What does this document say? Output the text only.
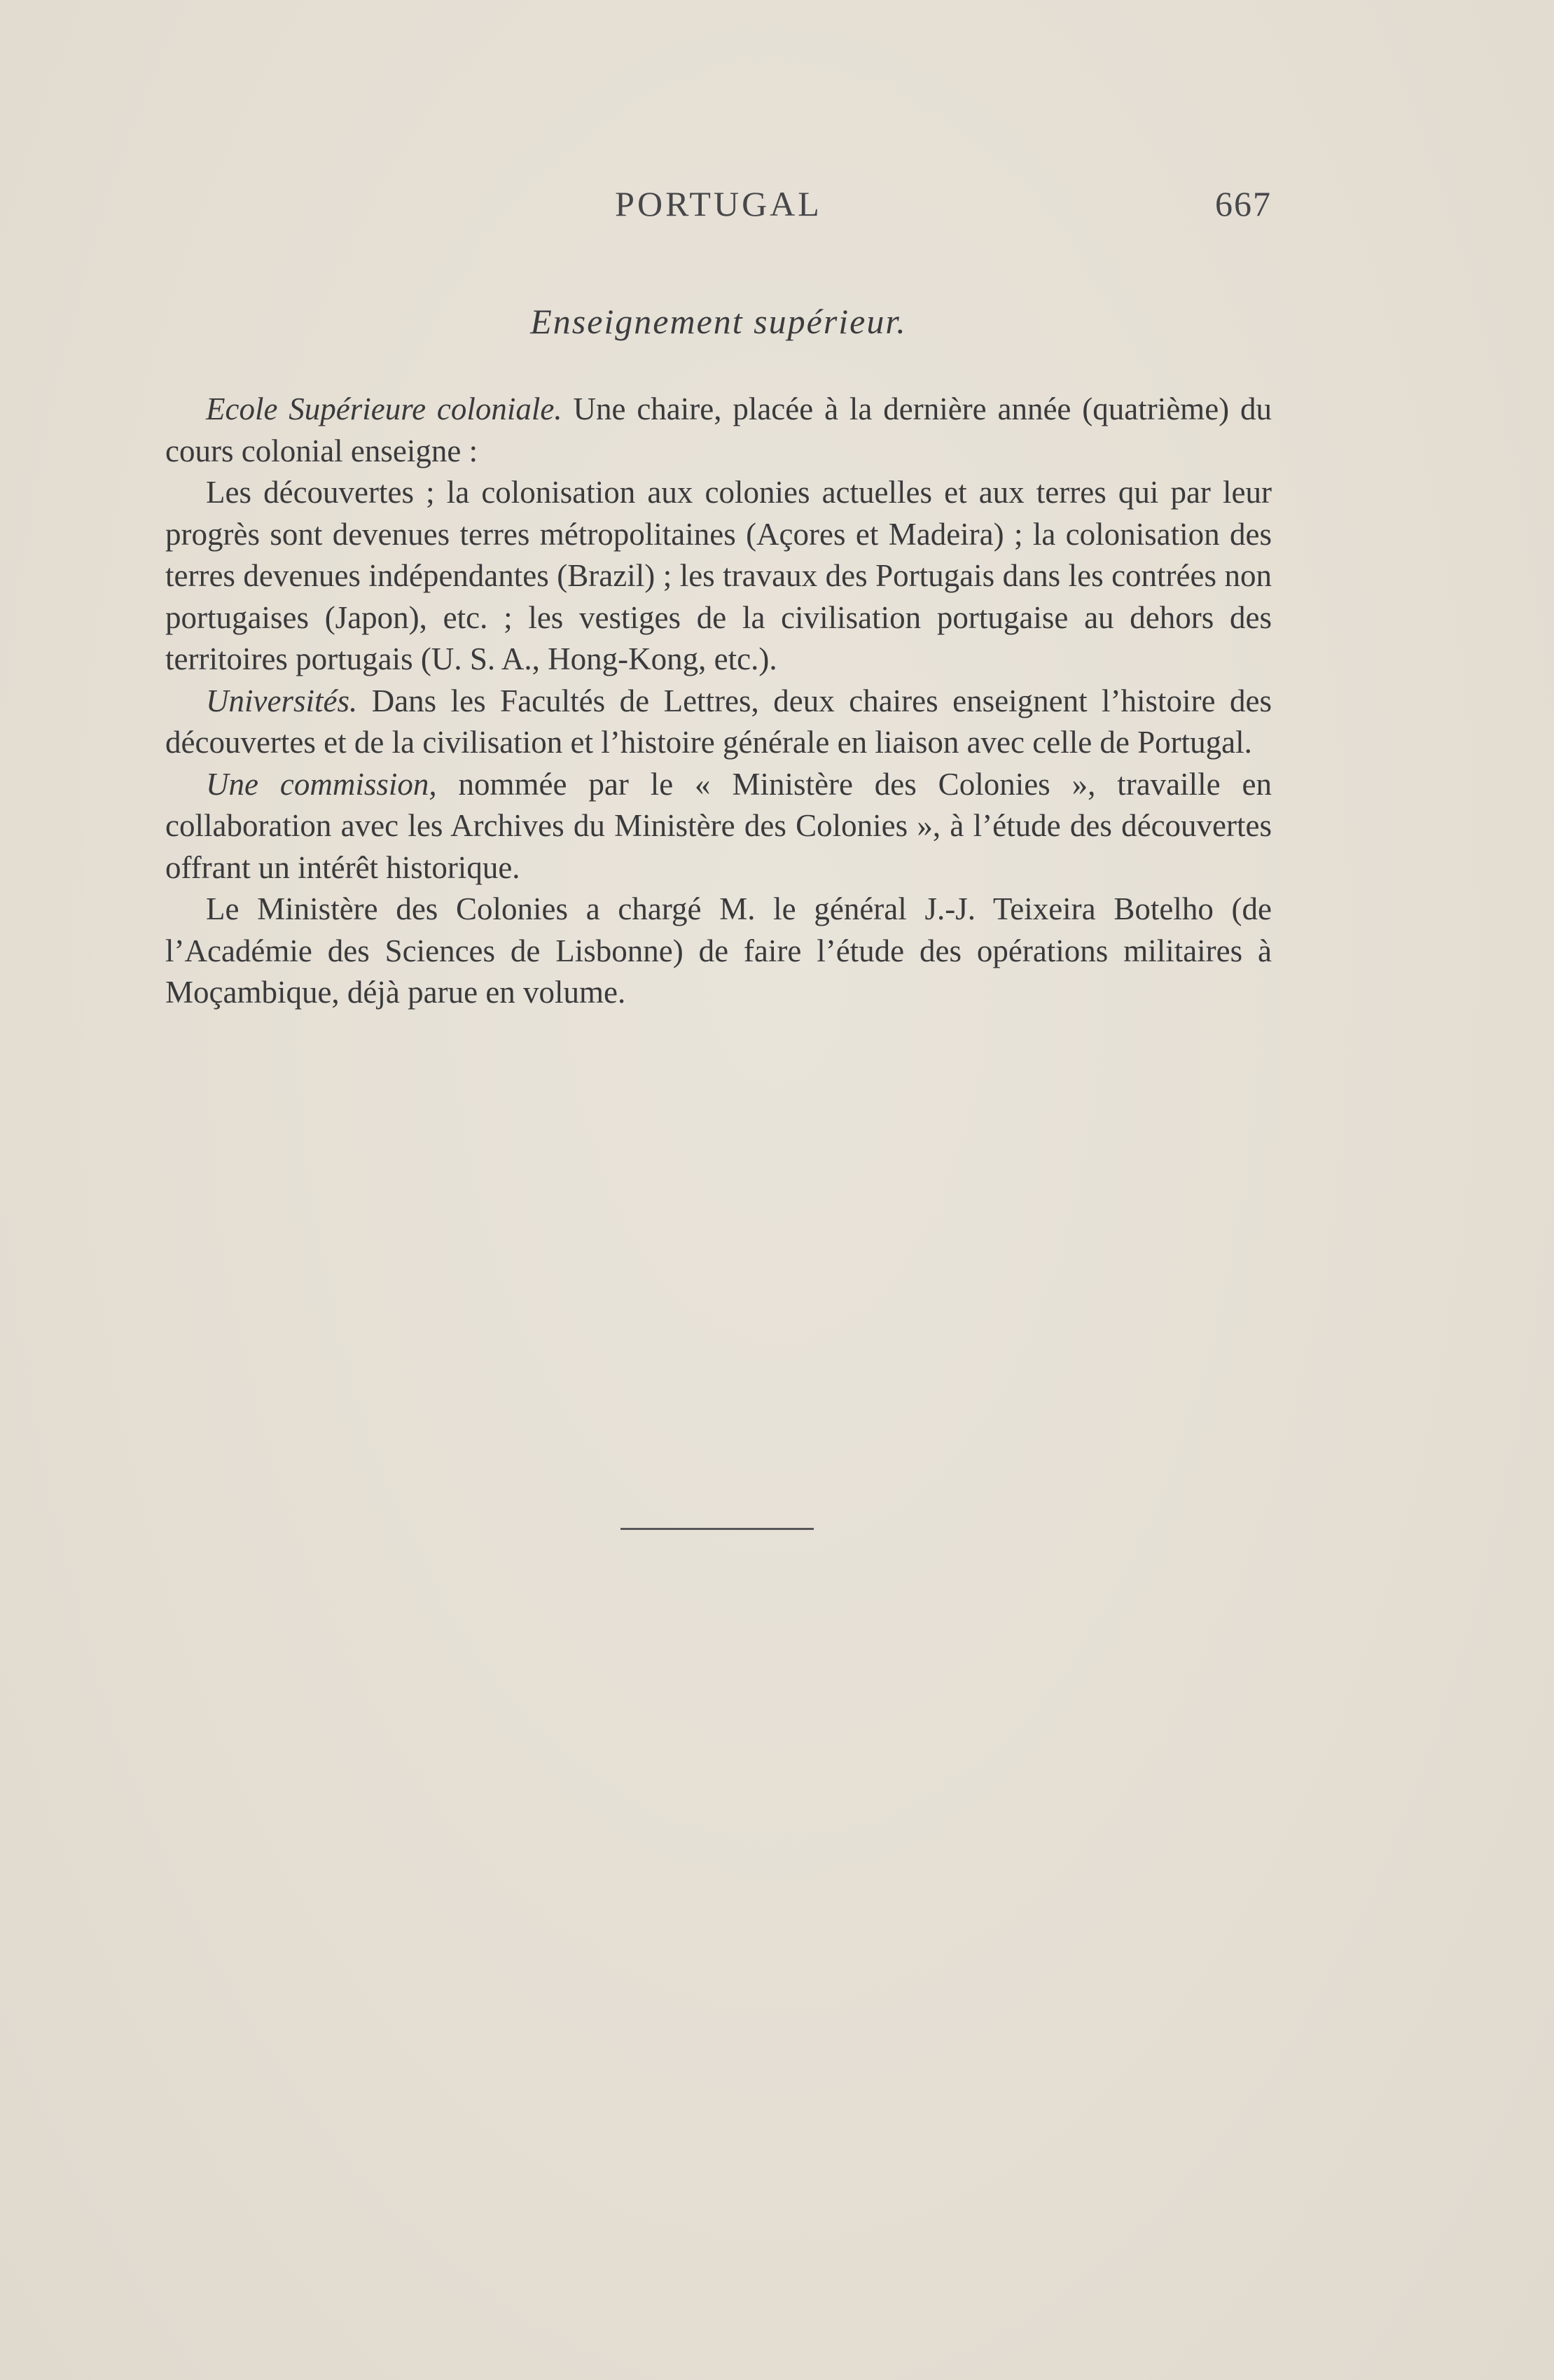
PORTUGAL	667
Enseignement supérieur.

Ecole Supérieure coloniale. Une chaire, placée à la dernière année (quatrième) du cours colonial enseigne :

Les découvertes ; la colonisation aux colonies actuelles et aux terres qui par leur progrès sont devenues terres métropolitaines (Açores et Madeira) ; la colonisation des terres devenues indépendantes (Brazil) ; les travaux des Portugais dans les contrées non portugaises (Japon), etc. ; les vestiges de la civilisation portugaise au dehors des territoires portugais (U. S. A., Hong-Kong, etc.).

Universités. Dans les Facultés de Lettres, deux chaires enseignent l’histoire des découvertes et de la civilisation et l’histoire générale en liaison avec celle de Portugal.

Une commission, nommée par le « Ministère des Colonies », travaille en collaboration avec les Archives du Ministère des Colonies », à l’étude des découvertes offrant un intérêt historique.

Le Ministère des Colonies a chargé M. le général J.-J. Teixeira Botelho (de l’Académie des Sciences de Lisbonne) de faire l’étude des opérations militaires à Moçambique, déjà parue en volume.
